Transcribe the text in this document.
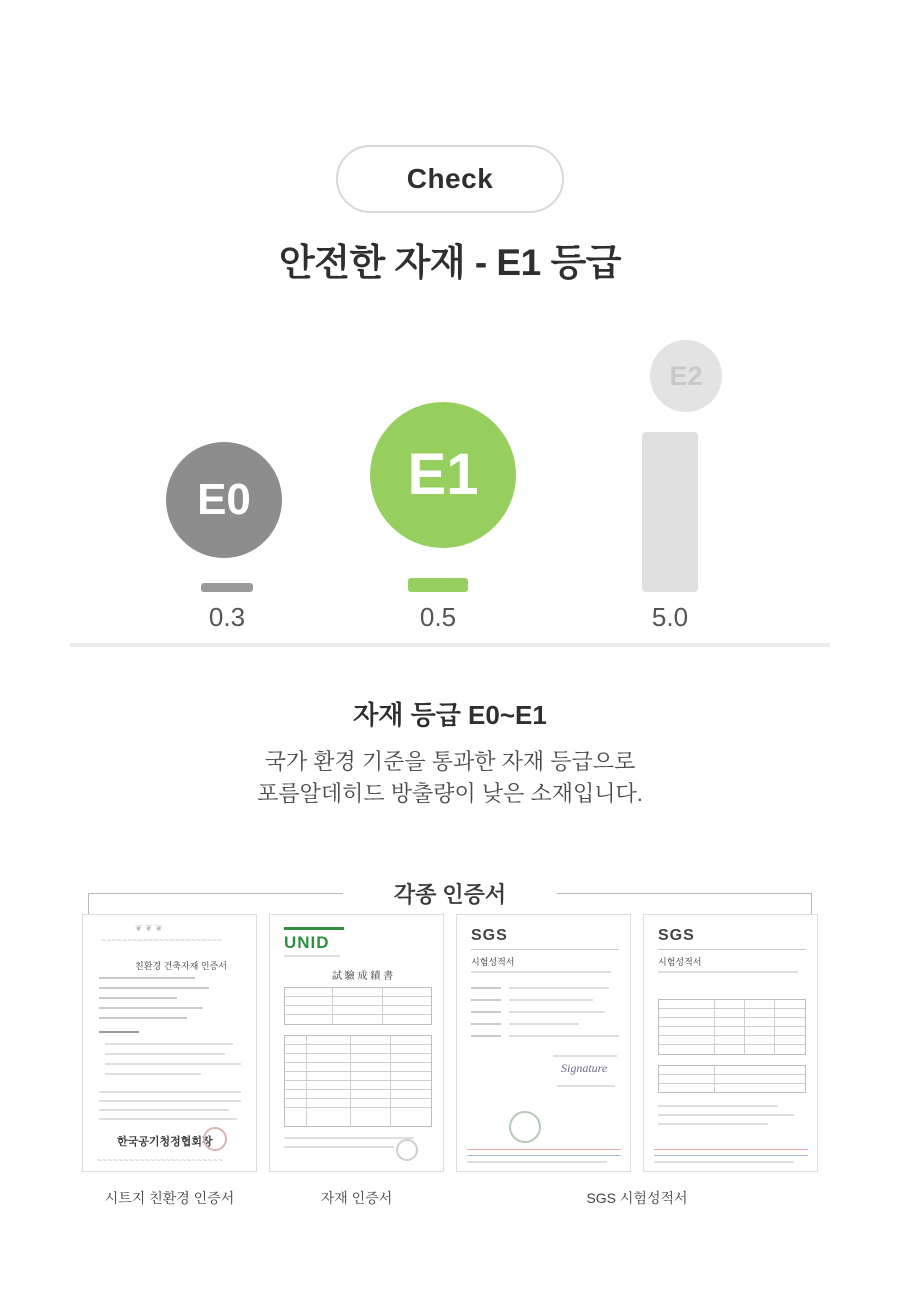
Check
안전한 자재 - E1 등급
E0	E1
E2
0.3	0.5	5.0
자재 등급 E0~E1
국가 환경 기준을 통과한 자재 등급으로
포름알데히드 방출량이 낮은 소재입니다.
각종 인증서
❦ ❦ ❦
~~~~~~~~~~~~~~~~~~~~~~~
친환경 건축자재 인증서
한국공기청정협회장
~~~~~~~~~~~~~~~~~~~~~~~~
UNID
試 驗 成 績 書
SGS
시험성적서
Signature
SGS
시험성적서
시트지 친환경 인증서	자재 인증서	SGS 시험성적서
